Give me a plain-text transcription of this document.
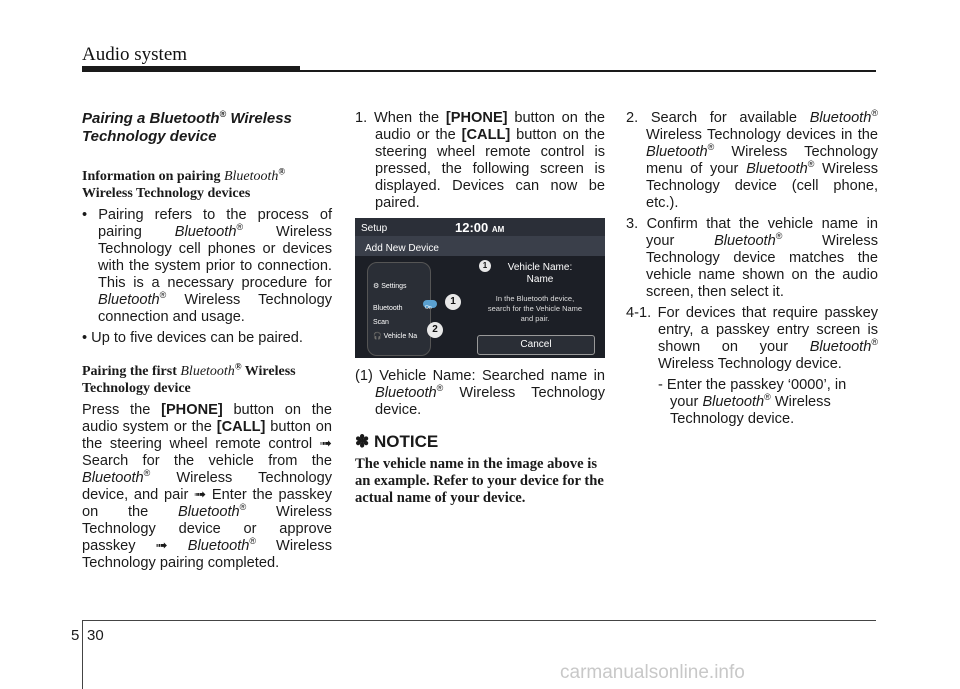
Audio system
Pairing a Bluetooth® Wireless Technology device
Information on pairing Bluetooth® Wireless Technology devices
• Pairing refers to the process of pairing Bluetooth® Wireless Technology cell phones or devices with the system prior to connection. This is a necessary procedure for Bluetooth® Wireless Technology connection and usage.
• Up to five devices can be paired.
Pairing the first Bluetooth® Wireless Technology device

Press the [PHONE] button on the audio system or the [CALL] button on the steering wheel remote control ➟ Search for the vehicle from the Bluetooth® Wireless Technology device, and pair ➟ Enter the passkey on the Bluetooth® Wireless Technology device or approve passkey ➟ Bluetooth® Wireless Technology pairing completed.

1. When the [PHONE] button on the audio or the [CALL] button on the steering wheel remote control is pressed, the following screen is displayed. Devices can now be paired.
Setup	12:00 AM
Add New Device
⚙ Settings
Bluetooth	$^{On}$
Scan
🎧 Vehicle Na
1
2
1	Vehicle Name:
Name
In the Bluetooth device,
search for the Vehicle Name
and pair.
Cancel
(1) Vehicle Name: Searched name in Bluetooth® Wireless Technology device.
✽ NOTICE
The vehicle name in the image above is an example. Refer to your device for the actual name of your device.
2. Search for available Bluetooth® Wireless Technology devices in the Bluetooth® Wireless Technology menu of your Bluetooth® Wireless Technology device (cell phone, etc.).
3. Confirm that the vehicle name in your Bluetooth® Wireless Technology device matches the vehicle name shown on the audio screen, then select it.
4-1. For devices that require passkey entry, a passkey entry screen is shown on your Bluetooth® Wireless Technology device.
- Enter the passkey ‘0000’, in your Bluetooth® Wireless Technology device.
5 30
carmanualsonline.info
